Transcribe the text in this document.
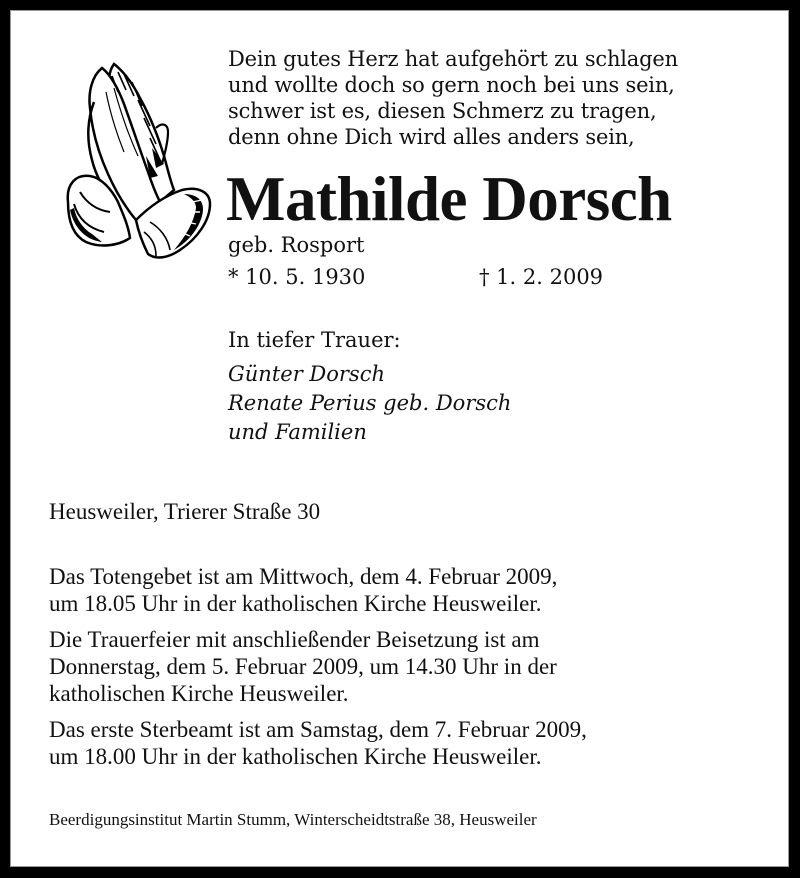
Dein gutes Herz hat aufgehört zu schlagen
und wollte doch so gern noch bei uns sein,
schwer ist es, diesen Schmerz zu tragen,
denn ohne Dich wird alles anders sein,
Mathilde Dorsch
geb. Rosport
* 10. 5. 1930	† 1. 2. 2009
In tiefer Trauer:
Günter Dorsch
Renate Perius geb. Dorsch
und Familien
Heusweiler, Trierer Straße 30
Das Totengebet ist am Mittwoch, dem 4. Februar 2009,
um 18.05 Uhr in der katholischen Kirche Heusweiler.
Die Trauerfeier mit anschließender Beisetzung ist am
Donnerstag, dem 5. Februar 2009, um 14.30 Uhr in der
katholischen Kirche Heusweiler.
Das erste Sterbeamt ist am Samstag, dem 7. Februar 2009,
um 18.00 Uhr in der katholischen Kirche Heusweiler.
Beerdigungsinstitut Martin Stumm, Winterscheidtstraße 38, Heusweiler
